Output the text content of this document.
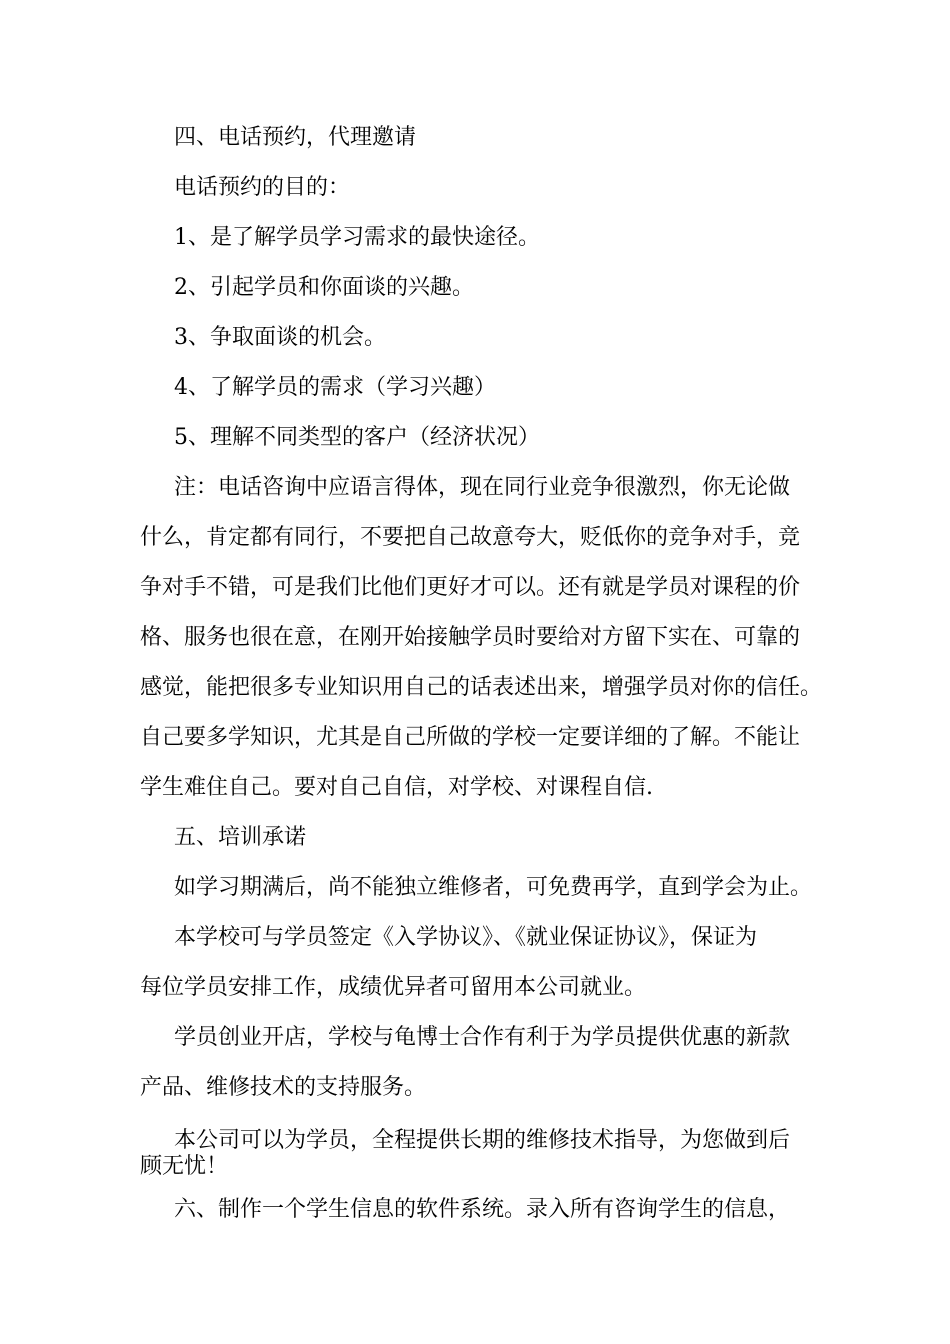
四、电话预约，代理邀请

电话预约的目的：

1、是了解学员学习需求的最快途径。

2、引起学员和你面谈的兴趣。

3、争取面谈的机会。

4、了解学员的需求（学习兴趣）

5、理解不同类型的客户（经济状况）

注：电话咨询中应语言得体，现在同行业竞争很激烈，你无论做

什么，肯定都有同行，不要把自己故意夸大，贬低你的竞争对手，竞

争对手不错，可是我们比他们更好才可以。还有就是学员对课程的价

格、服务也很在意，在刚开始接触学员时要给对方留下实在、可靠的

感觉，能把很多专业知识用自己的话表述出来，增强学员对你的信任。

自己要多学知识，尤其是自己所做的学校一定要详细的了解。不能让

学生难住自己。要对自己自信，对学校、对课程自信.

五、培训承诺

如学习期满后，尚不能独立维修者，可免费再学，直到学会为止。

本学校可与学员签定《入学协议》、《就业保证协议》，保证为

每位学员安排工作，成绩优异者可留用本公司就业。

学员创业开店，学校与龟博士合作有利于为学员提供优惠的新款

产品、维修技术的支持服务。

本公司可以为学员，全程提供长期的维修技术指导，为您做到后

顾无忧！

六、制作一个学生信息的软件系统。录入所有咨询学生的信息，
